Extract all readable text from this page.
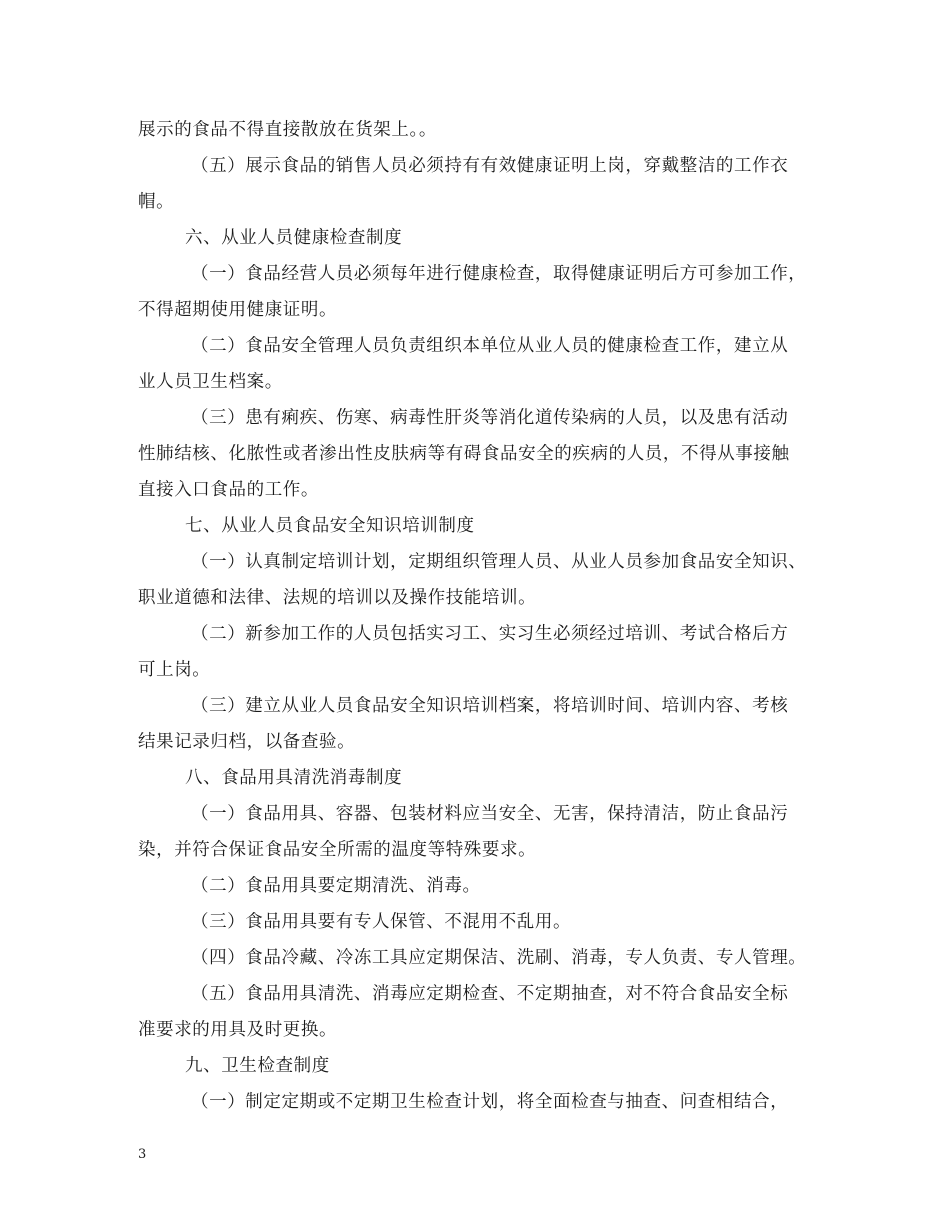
展示的食品不得直接散放在货架上。。
（五）展示食品的销售人员必须持有有效健康证明上岗，穿戴整洁的工作衣
帽。
六、从业人员健康检查制度
（一）食品经营人员必须每年进行健康检查，取得健康证明后方可参加工作，
不得超期使用健康证明。
（二）食品安全管理人员负责组织本单位从业人员的健康检查工作，建立从
业人员卫生档案。
（三）患有痢疾、伤寒、病毒性肝炎等消化道传染病的人员，以及患有活动
性肺结核、化脓性或者渗出性皮肤病等有碍食品安全的疾病的人员，不得从事接触
直接入口食品的工作。
七、从业人员食品安全知识培训制度
（一）认真制定培训计划，定期组织管理人员、从业人员参加食品安全知识、
职业道德和法律、法规的培训以及操作技能培训。
（二）新参加工作的人员包括实习工、实习生必须经过培训、考试合格后方
可上岗。
（三）建立从业人员食品安全知识培训档案，将培训时间、培训内容、考核
结果记录归档，以备查验。
八、食品用具清洗消毒制度
（一）食品用具、容器、包装材料应当安全、无害，保持清洁，防止食品污
染，并符合保证食品安全所需的温度等特殊要求。
（二）食品用具要定期清洗、消毒。
（三）食品用具要有专人保管、不混用不乱用。
（四）食品冷藏、冷冻工具应定期保洁、洗刷、消毒，专人负责、专人管理。
（五）食品用具清洗、消毒应定期检查、不定期抽查，对不符合食品安全标
准要求的用具及时更换。
九、卫生检查制度
（一）制定定期或不定期卫生检查计划，将全面检查与抽查、问查相结合，
3
